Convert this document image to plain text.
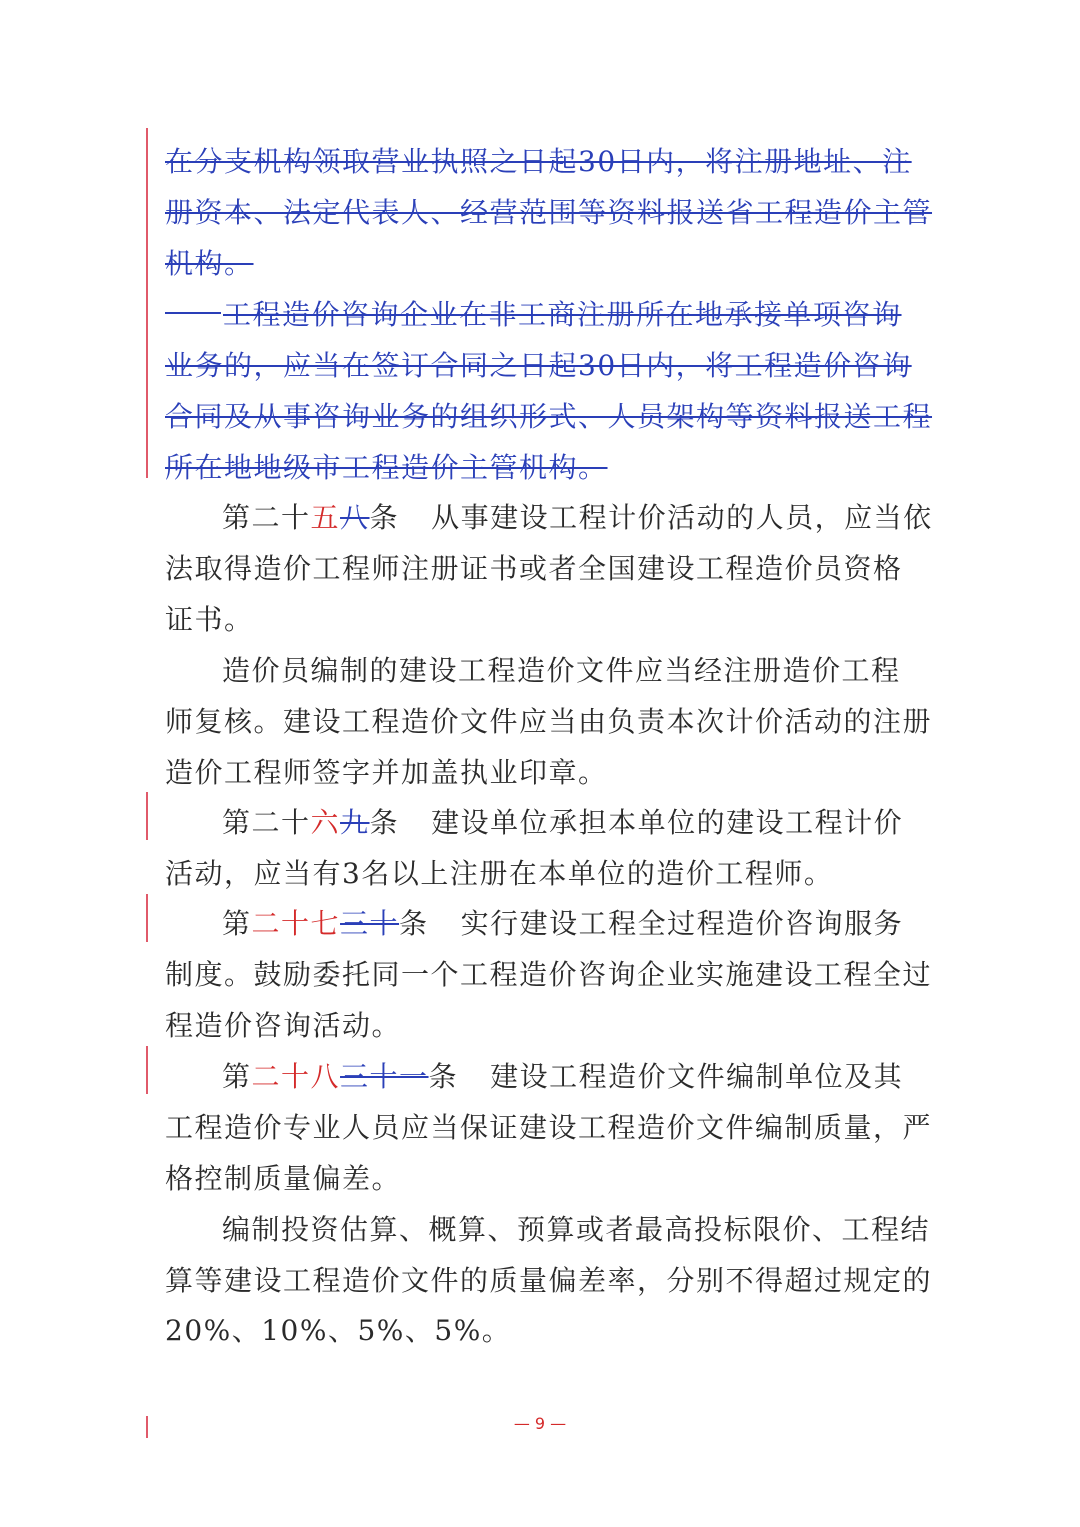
在分支机构领取营业执照之日起30日内，将注册地址、注
册资本、法定代表人、经营范围等资料报送省工程造价主管
机构。
工程造价咨询企业在非工商注册所在地承接单项咨询
业务的，应当在签订合同之日起30日内，将工程造价咨询
合同及从事咨询业务的组织形式、人员架构等资料报送工程
所在地地级市工程造价主管机构。
第二十五八条 从事建设工程计价活动的人员，应当依
法取得造价工程师注册证书或者全国建设工程造价员资格
证书。
造价员编制的建设工程造价文件应当经注册造价工程
师复核。建设工程造价文件应当由负责本次计价活动的注册
造价工程师签字并加盖执业印章。
第二十六九条 建设单位承担本单位的建设工程计价
活动，应当有3名以上注册在本单位的造价工程师。
第二十七三十条 实行建设工程全过程造价咨询服务
制度。鼓励委托同一个工程造价咨询企业实施建设工程全过
程造价咨询活动。
第二十八三十一条 建设工程造价文件编制单位及其
工程造价专业人员应当保证建设工程造价文件编制质量，严
格控制质量偏差。
编制投资估算、概算、预算或者最高投标限价、工程结
算等建设工程造价文件的质量偏差率，分别不得超过规定的
20%、10%、5%、5%。
— 9 —
